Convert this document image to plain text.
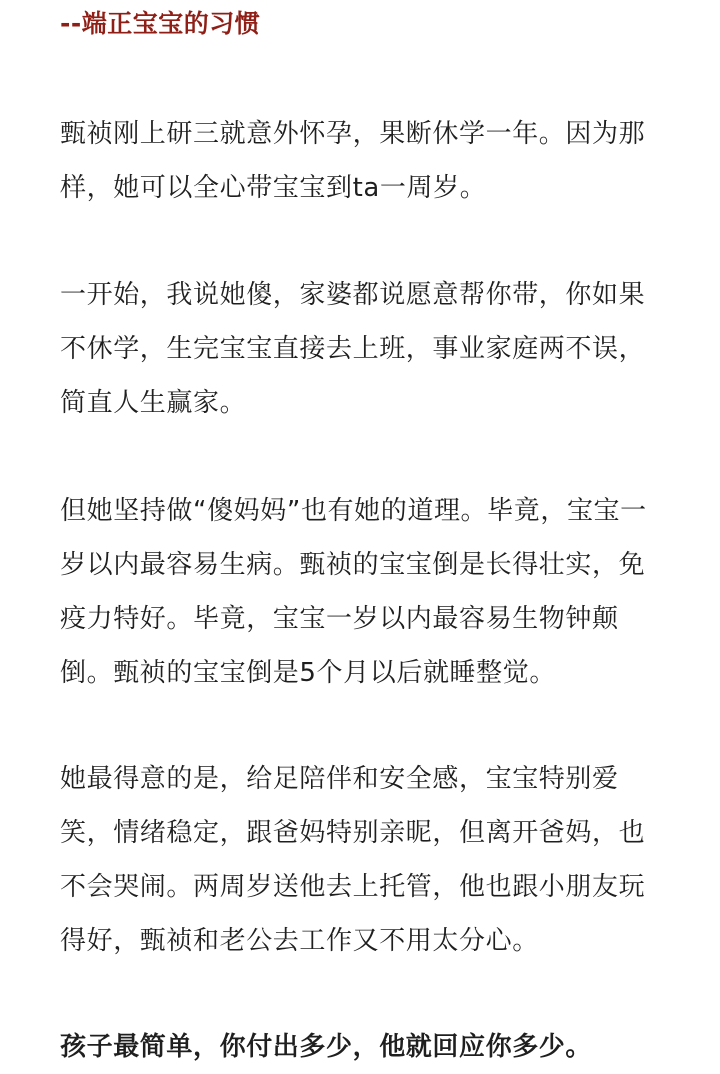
--端正宝宝的习惯
甄祯刚上研三就意外怀孕，果断休学一年。因为那
样，她可以全心带宝宝到ta一周岁。
一开始，我说她傻，家婆都说愿意帮你带，你如果
不休学，生完宝宝直接去上班，事业家庭两不误，
简直人生赢家。
但她坚持做“傻妈妈”也有她的道理。毕竟，宝宝一
岁以内最容易生病。甄祯的宝宝倒是长得壮实，免
疫力特好。毕竟，宝宝一岁以内最容易生物钟颠
倒。甄祯的宝宝倒是5个月以后就睡整觉。
她最得意的是，给足陪伴和安全感，宝宝特别爱
笑，情绪稳定，跟爸妈特别亲昵，但离开爸妈，也
不会哭闹。两周岁送他去上托管，他也跟小朋友玩
得好，甄祯和老公去工作又不用太分心。
孩子最简单，你付出多少，他就回应你多少。
